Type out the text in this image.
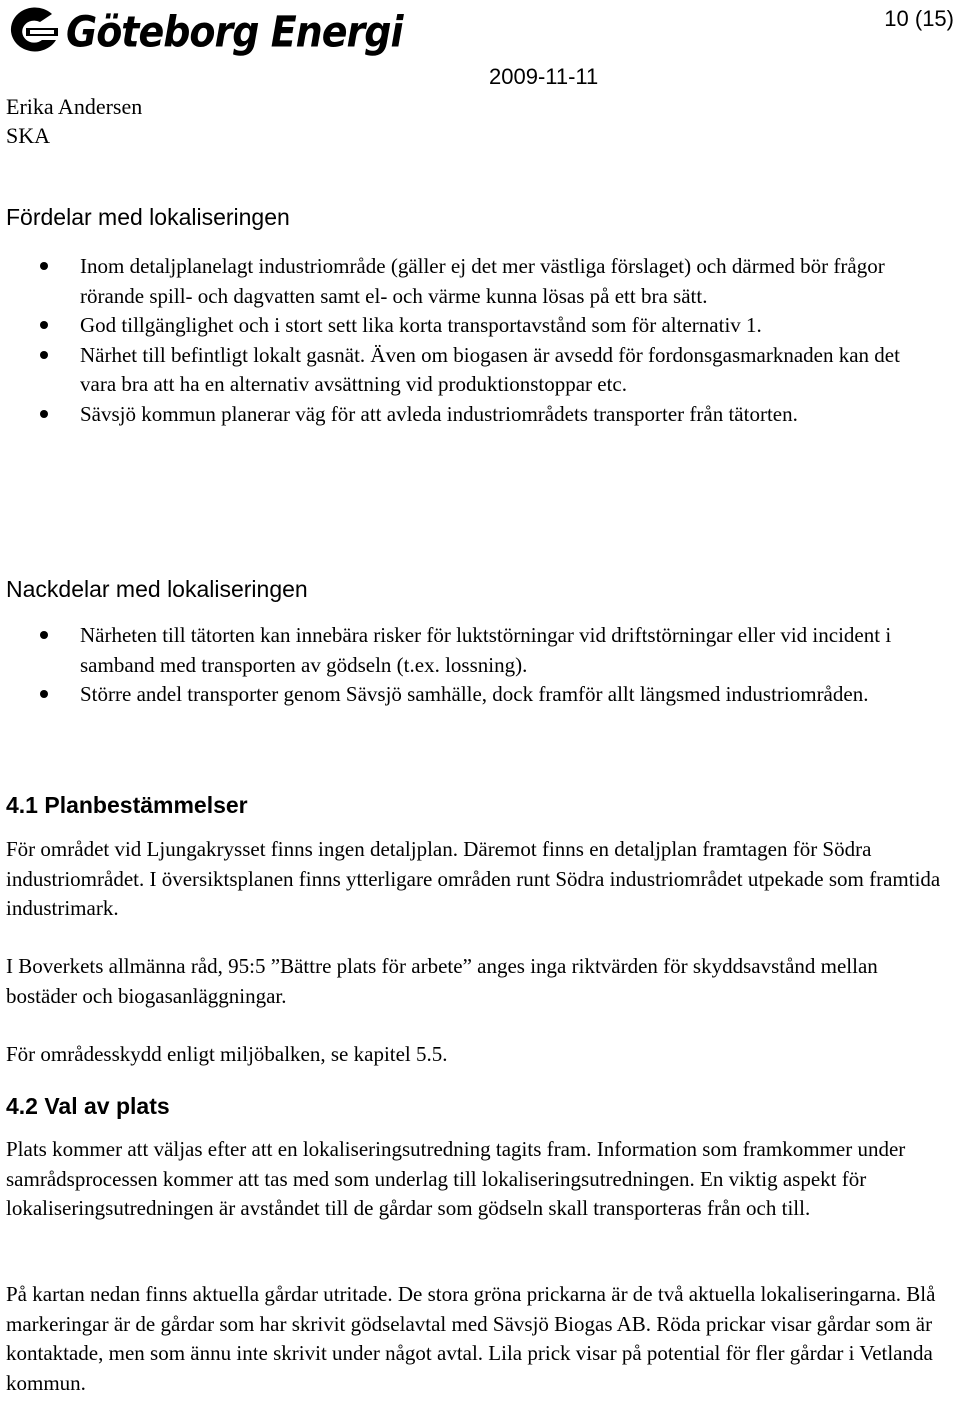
Göteborg Energi	10 (15)
2009-11-11
Erika Andersen
SKA
Fördelar med lokaliseringen
Inom detaljplanelagt industriområde (gäller ej det mer västliga förslaget) och därmed bör frågor rörande spill- och dagvatten samt el- och värme kunna lösas på ett bra sätt.
God tillgänglighet och i stort sett lika korta transportavstånd som för alternativ 1.
Närhet till befintligt lokalt gasnät. Även om biogasen är avsedd för fordonsgasmarknaden kan det vara bra att ha en alternativ avsättning vid produktionstoppar etc.
Sävsjö kommun planerar väg för att avleda industriområdets transporter från tätorten.
Nackdelar med lokaliseringen
Närheten till tätorten kan innebära risker för luktstörningar vid driftstörningar eller vid incident i samband med transporten av gödseln (t.ex. lossning).
Större andel transporter genom Sävsjö samhälle, dock framför allt längsmed industriområden.
4.1 Planbestämmelser

För området vid Ljungakrysset finns ingen detaljplan. Däremot finns en detaljplan framtagen för Södra industriområdet. I översiktsplanen finns ytterligare områden runt Södra industriområdet utpekade som framtida industrimark.

I Boverkets allmänna råd, 95:5 ”Bättre plats för arbete” anges inga riktvärden för skyddsavstånd mellan bostäder och biogasanläggningar.

För områdesskydd enligt miljöbalken, se kapitel 5.5.

4.2 Val av plats

Plats kommer att väljas efter att en lokaliseringsutredning tagits fram. Information som framkommer under samrådsprocessen kommer att tas med som underlag till lokaliseringsutredningen. En viktig aspekt för lokaliseringsutredningen är avståndet till de gårdar som gödseln skall transporteras från och till.

På kartan nedan finns aktuella gårdar utritade. De stora gröna prickarna är de två aktuella lokaliseringarna. Blå markeringar är de gårdar som har skrivit gödselavtal med Sävsjö Biogas AB. Röda prickar visar gårdar som är kontaktade, men som ännu inte skrivit under något avtal. Lila prick visar på potential för fler gårdar i Vetlanda kommun.
